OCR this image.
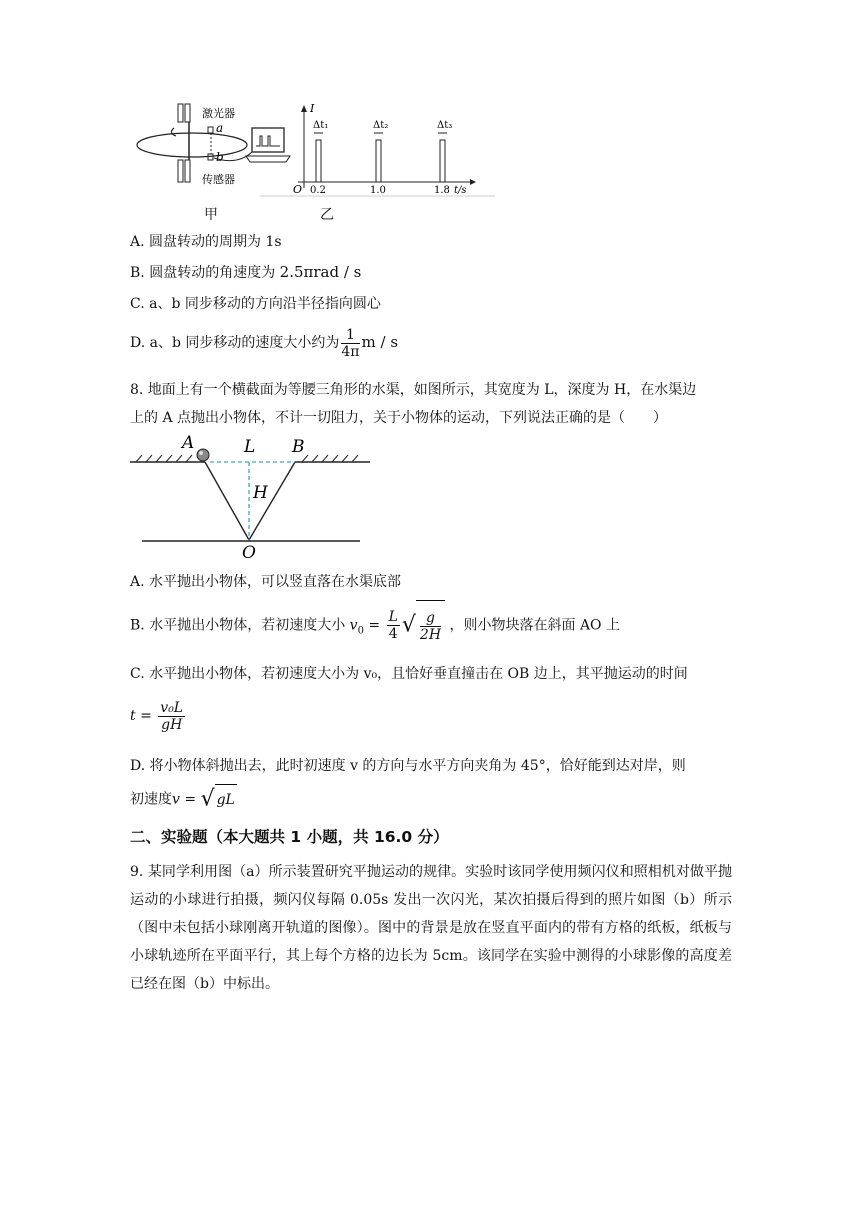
激光器
a
b
传感器
I
Δt₁	Δt₂	Δt₃
O 0.2	1.0	1.8 t/s
甲	乙
A. 圆盘转动的周期为 1s
B. 圆盘转动的角速度为 2.5πrad / s
C. a、b 同步移动的方向沿半径指向圆心
D. a、b 同步移动的速度大小约为 $\frac{1}{4\pi}$ m / s
8. 地面上有一个横截面为等腰三角形的水渠，如图所示，其宽度为 L，深度为 H，在水渠边
上的 A 点抛出小物体，不计一切阻力，关于小物体的运动，下列说法正确的是（　　）
A	L B
H
O
A. 水平抛出小物体，可以竖直落在水渠底部
B. 水平抛出小物体，若初速度大小 $v_0 = \frac{L}{4}$ √ $\frac{g}{2H}$ ，则小物块落在斜面 AO 上
C. 水平抛出小物体，若初速度大小为 v₀，且恰好垂直撞击在 OB 边上，其平抛运动的时间
$t = \frac{\text{v₀L}}{gH}$
D. 将小物体斜抛出去，此时初速度 v 的方向与水平方向夹角为 45°，恰好能到达对岸，则
初速度v = √ gL
二、实验题（本大题共 1 小题，共 16.0 分）
9. 某同学利用图（a）所示装置研究平抛运动的规律。实验时该同学使用频闪仪和照相机对做平抛运动的小球进行拍摄，频闪仪每隔 0.05s 发出一次闪光，某次拍摄后得到的照片如图（b）所示（图中未包括小球刚离开轨道的图像）。图中的背景是放在竖直平面内的带有方格的纸板，纸板与小球轨迹所在平面平行，其上每个方格的边长为 5cm。该同学在实验中测得的小球影像的高度差已经在图（b）中标出。
